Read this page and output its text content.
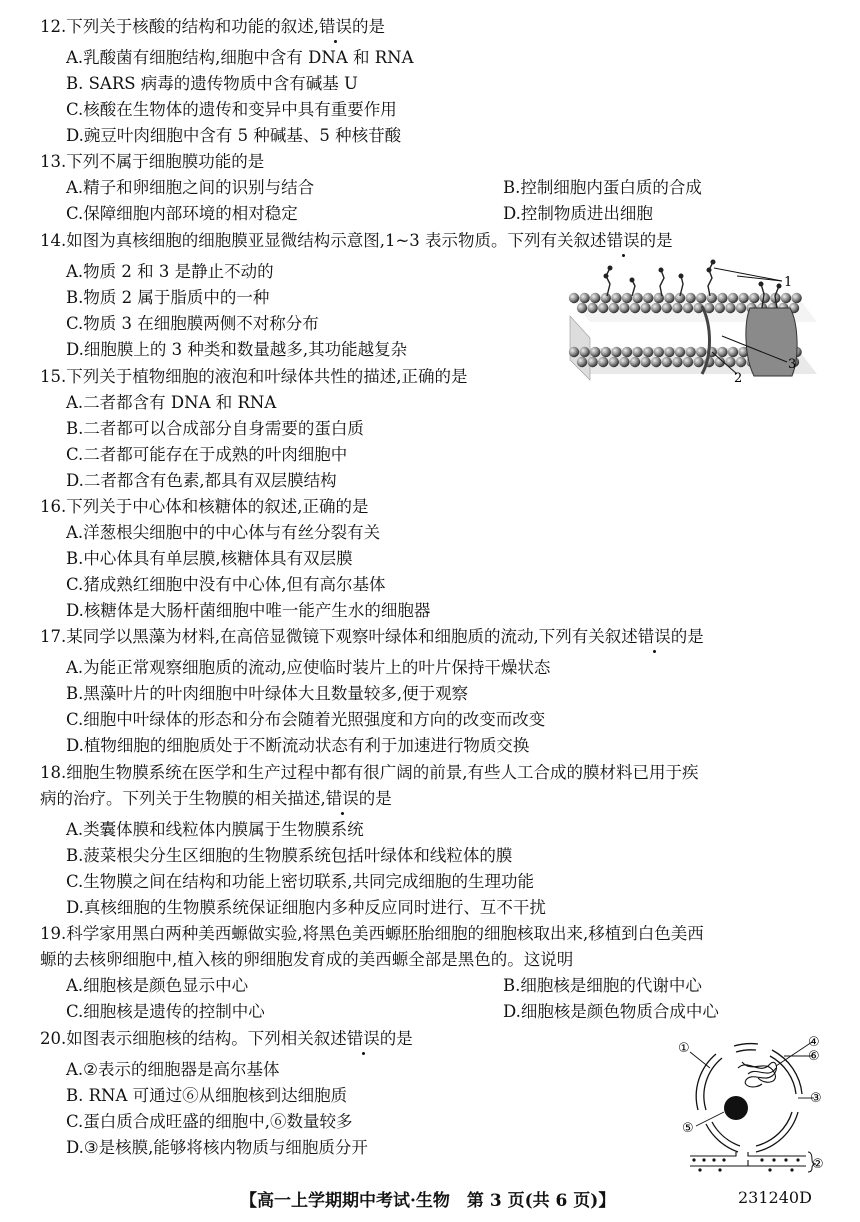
12.下列关于核酸的结构和功能的叙述,错误的是
A.乳酸菌有细胞结构,细胞中含有 DNA 和 RNA
B. SARS 病毒的遗传物质中含有碱基 U
C.核酸在生物体的遗传和变异中具有重要作用
D.豌豆叶肉细胞中含有 5 种碱基、5 种核苷酸
13.下列不属于细胞膜功能的是
A.精子和卵细胞之间的识别与结合	B.控制细胞内蛋白质的合成
C.保障细胞内部环境的相对稳定	D.控制物质进出细胞
14.如图为真核细胞的细胞膜亚显微结构示意图,1~3 表示物质。下列有关叙述错误的是
A.物质 2 和 3 是静止不动的
B.物质 2 属于脂质中的一种
C.物质 3 在细胞膜两侧不对称分布
D.细胞膜上的 3 种类和数量越多,其功能越复杂
1
2
3
15.下列关于植物细胞的液泡和叶绿体共性的描述,正确的是
A.二者都含有 DNA 和 RNA
B.二者都可以合成部分自身需要的蛋白质
C.二者都可能存在于成熟的叶肉细胞中
D.二者都含有色素,都具有双层膜结构
16.下列关于中心体和核糖体的叙述,正确的是
A.洋葱根尖细胞中的中心体与有丝分裂有关
B.中心体具有单层膜,核糖体具有双层膜
C.猪成熟红细胞中没有中心体,但有高尔基体
D.核糖体是大肠杆菌细胞中唯一能产生水的细胞器
17.某同学以黑藻为材料,在高倍显微镜下观察叶绿体和细胞质的流动,下列有关叙述错误的是
A.为能正常观察细胞质的流动,应使临时装片上的叶片保持干燥状态
B.黑藻叶片的叶肉细胞中叶绿体大且数量较多,便于观察
C.细胞中叶绿体的形态和分布会随着光照强度和方向的改变而改变
D.植物细胞的细胞质处于不断流动状态有利于加速进行物质交换
18.细胞生物膜系统在医学和生产过程中都有很广阔的前景,有些人工合成的膜材料已用于疾
病的治疗。下列关于生物膜的相关描述,错误的是
A.类囊体膜和线粒体内膜属于生物膜系统
B.菠菜根尖分生区细胞的生物膜系统包括叶绿体和线粒体的膜
C.生物膜之间在结构和功能上密切联系,共同完成细胞的生理功能
D.真核细胞的生物膜系统保证细胞内多种反应同时进行、互不干扰
19.科学家用黑白两种美西螈做实验,将黑色美西螈胚胎细胞的细胞核取出来,移植到白色美西
螈的去核卵细胞中,植入核的卵细胞发育成的美西螈全部是黑色的。这说明
A.细胞核是颜色显示中心	B.细胞核是细胞的代谢中心
C.细胞核是遗传的控制中心	D.细胞核是颜色物质合成中心
20.如图表示细胞核的结构。下列相关叙述错误的是
A.②表示的细胞器是高尔基体
B. RNA 可通过⑥从细胞核到达细胞质
C.蛋白质合成旺盛的细胞中,⑥数量较多
D.③是核膜,能够将核内物质与细胞质分开
④
⑥
①
③
⑤
②
【高一上学期期中考试·生物　第 3 页(共 6 页)】	231240D
